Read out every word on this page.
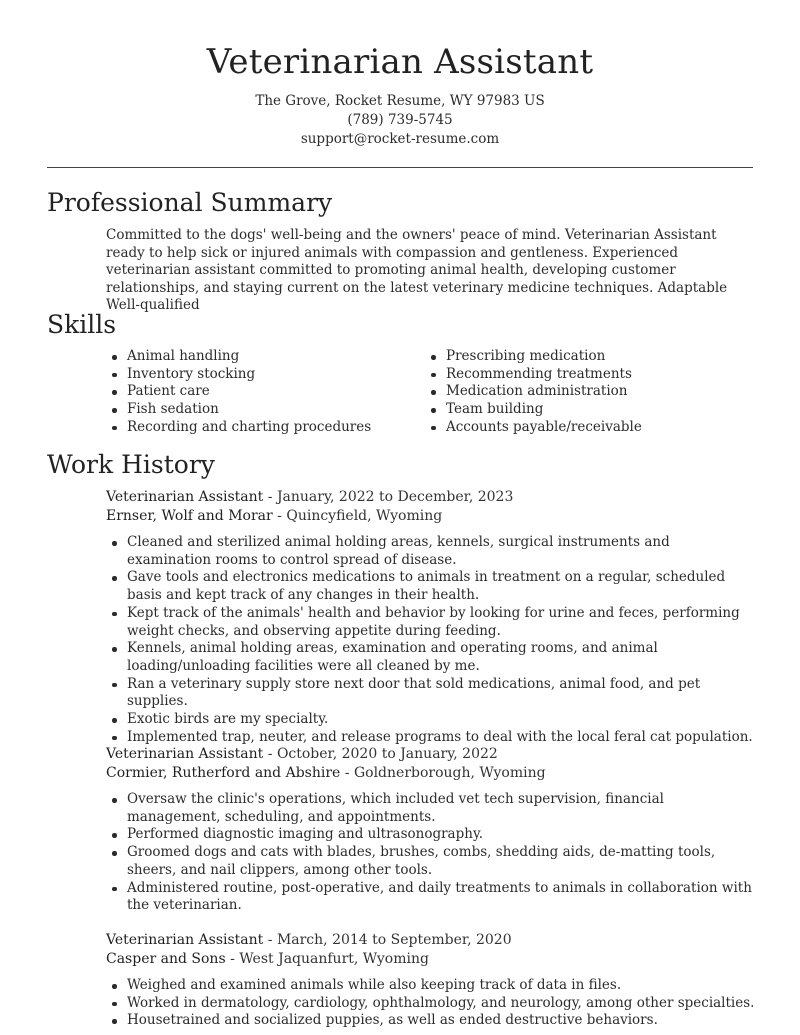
Veterinarian Assistant
The Grove, Rocket Resume, WY 97983 US
(789) 739-5745
support@rocket-resume.com
Professional Summary
Committed to the dogs' well-being and the owners' peace of mind. Veterinarian Assistant ready to help sick or injured animals with compassion and gentleness. Experienced veterinarian assistant committed to promoting animal health, developing customer relationships, and staying current on the latest veterinary medicine techniques. Adaptable Well-qualified
Skills
Animal handling
Inventory stocking
Patient care
Fish sedation
Recording and charting procedures
Prescribing medication
Recommending treatments
Medication administration
Team building
Accounts payable/receivable
Work History
Veterinarian Assistant - January, 2022 to December, 2023
Ernser, Wolf and Morar - Quincyfield, Wyoming
Cleaned and sterilized animal holding areas, kennels, surgical instruments and examination rooms to control spread of disease.
Gave tools and electronics medications to animals in treatment on a regular, scheduled basis and kept track of any changes in their health.
Kept track of the animals' health and behavior by looking for urine and feces, performing weight checks, and observing appetite during feeding.
Kennels, animal holding areas, examination and operating rooms, and animal loading/unloading facilities were all cleaned by me.
Ran a veterinary supply store next door that sold medications, animal food, and pet supplies.
Exotic birds are my specialty.
Implemented trap, neuter, and release programs to deal with the local feral cat population.
Veterinarian Assistant - October, 2020 to January, 2022
Cormier, Rutherford and Abshire - Goldnerborough, Wyoming
Oversaw the clinic's operations, which included vet tech supervision, financial management, scheduling, and appointments.
Performed diagnostic imaging and ultrasonography.
Groomed dogs and cats with blades, brushes, combs, shedding aids, de-matting tools, sheers, and nail clippers, among other tools.
Administered routine, post-operative, and daily treatments to animals in collaboration with the veterinarian.
Veterinarian Assistant - March, 2014 to September, 2020
Casper and Sons - West Jaquanfurt, Wyoming
Weighed and examined animals while also keeping track of data in files.
Worked in dermatology, cardiology, ophthalmology, and neurology, among other specialties.
Housetrained and socialized puppies, as well as ended destructive behaviors.
